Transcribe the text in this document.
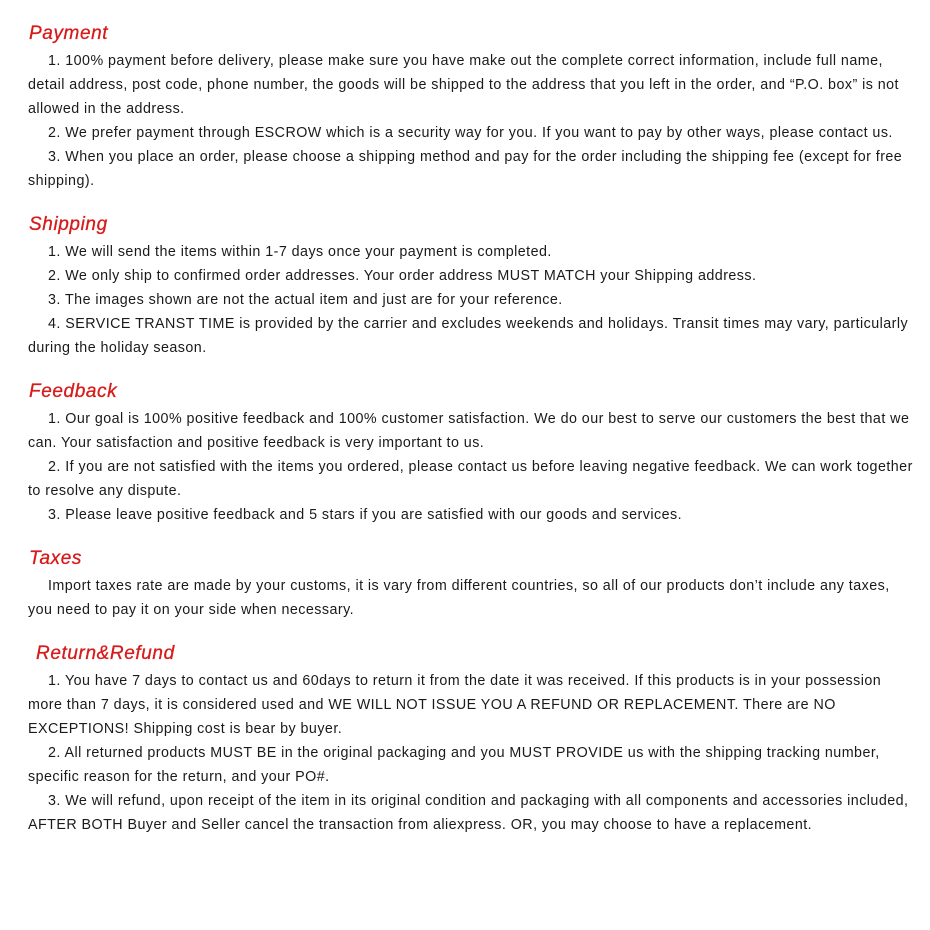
Payment

1. 100% payment before delivery, please make sure you have make out the complete correct information, include full name, detail address, post code, phone number, the goods will be shipped to the address that you left in the order, and “P.O. box” is not allowed in the address.

2. We prefer payment through ESCROW which is a security way for you. If you want to pay by other ways, please contact us.

3. When you place an order, please choose a shipping method and pay for the order including the shipping fee (except for free shipping).

Shipping

1. We will send the items within 1-7 days once your payment is completed.

2. We only ship to confirmed order addresses. Your order address MUST MATCH your Shipping address.

3. The images shown are not the actual item and just are for your reference.

4. SERVICE TRANST TIME is provided by the carrier and excludes weekends and holidays. Transit times may vary, particularly during the holiday season.

Feedback

1. Our goal is 100% positive feedback and 100% customer satisfaction. We do our best to serve our customers the best that we can. Your satisfaction and positive feedback is very important to us.

2. If you are not satisfied with the items you ordered, please contact us before leaving negative feedback. We can work together to resolve any dispute.

3. Please leave positive feedback and 5 stars if you are satisfied with our goods and services.

Taxes

Import taxes rate are made by your customs, it is vary from different countries, so all of our products don’t include any taxes, you need to pay it on your side when necessary.

Return&Refund

1. You have 7 days to contact us and 60days to return it from the date it was received. If this products is in your possession more than 7 days, it is considered used and WE WILL NOT ISSUE YOU A REFUND OR REPLACEMENT. There are NO EXCEPTIONS! Shipping cost is bear by buyer.

2. All returned products MUST BE in the original packaging and you MUST PROVIDE us with the shipping tracking number, specific reason for the return, and your PO#.

3. We will refund, upon receipt of the item in its original condition and packaging with all components and accessories included, AFTER BOTH Buyer and Seller cancel the transaction from aliexpress. OR, you may choose to have a replacement.
